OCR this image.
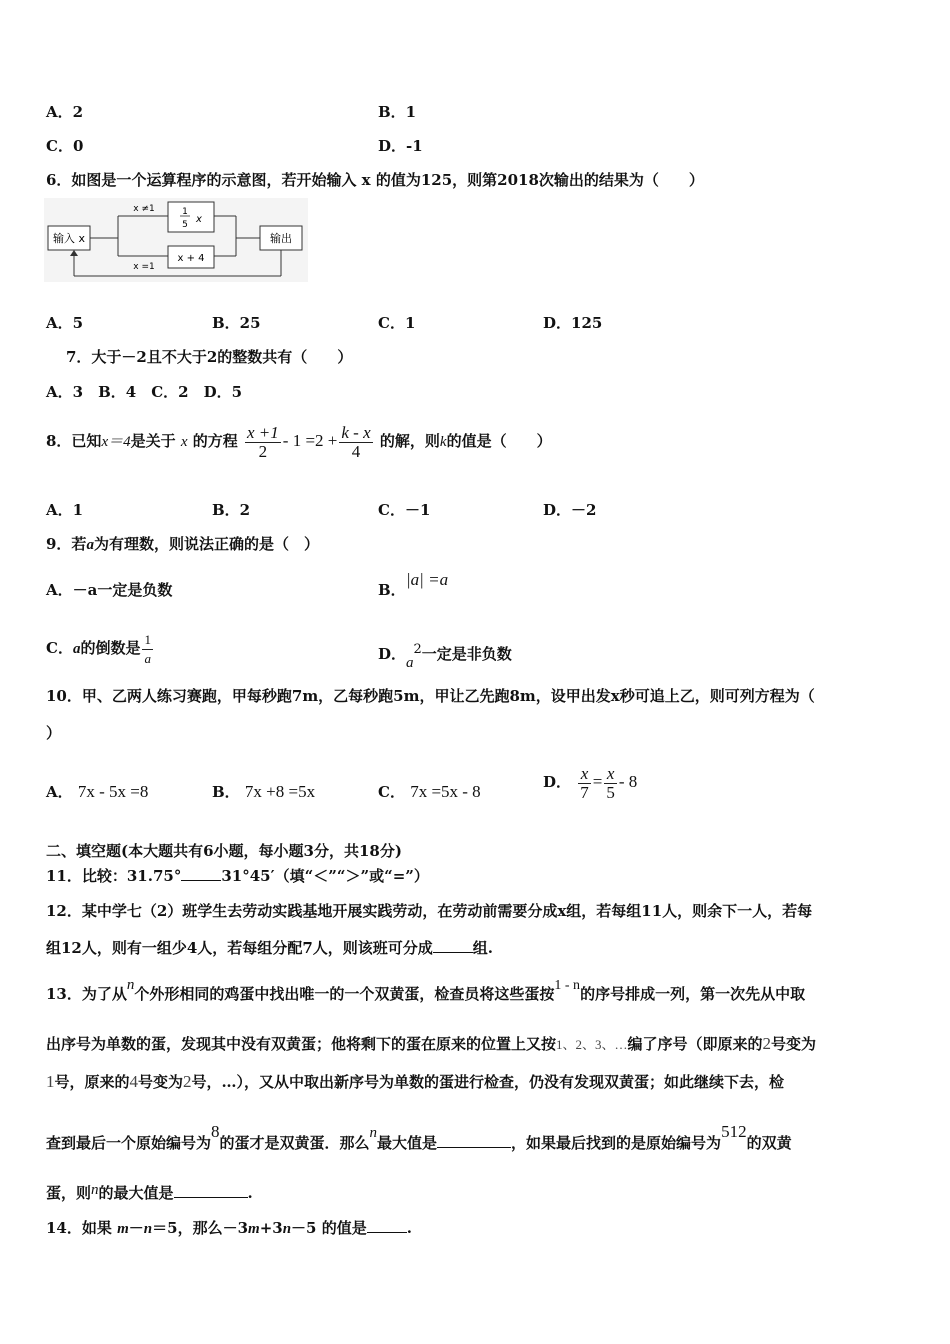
A．2	B．1
C．0	D．-1
6．如图是一个运算程序的示意图，若开始输入 x 的值为125，则第2018次输出的结果为（　　）
输入 x	输出
1
5 x
x + 4
x ≠1
x =1
A．5	B．25	C．1	D．125
7．大于－2且不大于2的整数共有（　　）
A．3　B．4　C．2　D．5
8．已知x＝4是关于 x 的方程 $\frac{x +1}{2} - 1 =2 + \frac{k - x}{4}$ 的解，则k的值是（　　）
A．1	B．2	C．－1	D．－2
9．若a为有理数，则说法正确的是（　）
A．－a一定是负数	B．
|a| =a
C．a的倒数是 $\frac{1}{a}$	D．$a^2$一定是非负数
10．甲、乙两人练习赛跑，甲每秒跑7m，乙每秒跑5m，甲让乙先跑8m，设甲出发x秒可追上乙，则可列方程为（
）
A． 7x - 5x =8	B． 7x +8 =5x	C． 7x =5x - 8	D． $\frac{x}{7} = \frac{x}{5} - 8$
二、填空题(本大题共有6小题，每小题3分，共18分)
11．比较：31.75°	31°45′（填“＜”“＞”或“=”）
12．某中学七（2）班学生去劳动实践基地开展实践劳动，在劳动前需要分成x组，若每组11人，则余下一人，若每
组12人，则有一组少4人，若每组分配7人，则该班可分成	组.
13．为了从n个外形相同的鸡蛋中找出唯一的一个双黄蛋，检查员将这些蛋按1 - n的序号排成一列，第一次先从中取
出序号为单数的蛋，发现其中没有双黄蛋；他将剩下的蛋在原来的位置上又按1、2、3、…编了序号（即原来的2号变为
1号，原来的4号变为2号，…），又从中取出新序号为单数的蛋进行检查，仍没有发现双黄蛋；如此继续下去，检
查到最后一个原始编号为8的蛋才是双黄蛋．那么n最大值是	，如果最后找到的是原始编号为512的双黄
蛋，则n的最大值是	.
14．如果 m－n＝5，那么－3m+3n－5 的值是	.
